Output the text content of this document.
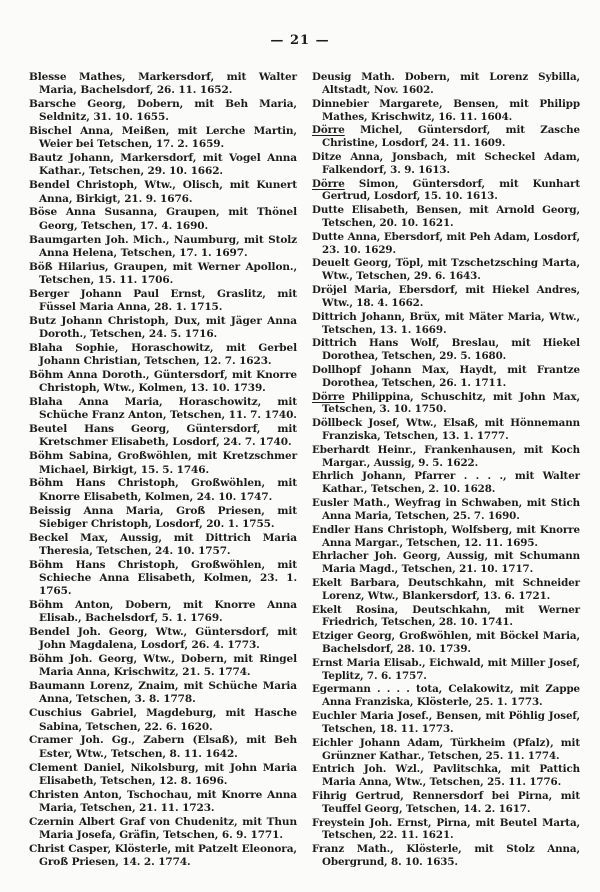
— 21 —

Blesse Mathes, Markersdorf, mit Walter Maria, Bachelsdorf, 26. 11. 1652.

Barsche Georg, Dobern, mit Beh Maria, Seldnitz, 31. 10. 1655.

Bischel Anna, Meißen, mit Lerche Martin, Weier bei Tetschen, 17. 2. 1659.

Bautz Johann, Markersdorf, mit Vogel Anna Kathar., Tetschen, 29. 10. 1662.

Bendel Christoph, Wtw., Olisch, mit Kunert Anna, Birkigt, 21. 9. 1676.

Böse Anna Susanna, Graupen, mit Thönel Georg, Tetschen, 17. 4. 1690.

Baumgarten Joh. Mich., Naumburg, mit Stolz Anna Helena, Tetschen, 17. 1. 1697.

Böß Hilarius, Graupen, mit Werner Apollon., Tetschen, 15. 11. 1706.

Berger Johann Paul Ernst, Graslitz, mit Füssel Maria Anna, 28. 1. 1715.

Butz Johann Christoph, Dux, mit Jäger Anna Doroth., Tetschen, 24. 5. 1716.

Blaha Sophie, Horaschowitz, mit Gerbel Johann Christian, Tetschen, 12. 7. 1623.

Böhm Anna Doroth., Güntersdorf, mit Knorre Christoph, Wtw., Kolmen, 13. 10. 1739.

Blaha Anna Maria, Horaschowitz, mit Schüche Franz Anton, Tetschen, 11. 7. 1740.

Beutel Hans Georg, Güntersdorf, mit Kretschmer Elisabeth, Losdorf, 24. 7. 1740.

Böhm Sabina, Großwöhlen, mit Kretzschmer Michael, Birkigt, 15. 5. 1746.

Böhm Hans Christoph, Großwöhlen, mit Knorre Elisabeth, Kolmen, 24. 10. 1747.

Beissig Anna Maria, Groß Priesen, mit Siebiger Christoph, Losdorf, 20. 1. 1755.

Beckel Max, Aussig, mit Dittrich Maria Theresia, Tetschen, 24. 10. 1757.

Böhm Hans Christoph, Großwöhlen, mit Schieche Anna Elisabeth, Kolmen, 23. 1. 1765.

Böhm Anton, Dobern, mit Knorre Anna Elisab., Bachelsdorf, 5. 1. 1769.

Bendel Joh. Georg, Wtw., Güntersdorf, mit John Magdalena, Losdorf, 26. 4. 1773.

Böhm Joh. Georg, Wtw., Dobern, mit Ringel Maria Anna, Krischwitz, 21. 5. 1774.

Baumann Lorenz, Znaim, mit Schüche Maria Anna, Tetschen, 3. 8. 1778.

Cuschius Gabriel, Magdeburg, mit Hasche Sabina, Tetschen, 22. 6. 1620.

Cramer Joh. Gg., Zabern (Elsaß), mit Beh Ester, Wtw., Tetschen, 8. 11. 1642.

Clement Daniel, Nikolsburg, mit John Maria Elisabeth, Tetschen, 12. 8. 1696.

Christen Anton, Tschochau, mit Knorre Anna Maria, Tetschen, 21. 11. 1723.

Czernin Albert Graf von Chudenitz, mit Thun Maria Josefa, Gräfin, Tetschen, 6. 9. 1771.

Christ Casper, Klösterle, mit Patzelt Eleonora, Groß Priesen, 14. 2. 1774.

Deusig Math. Dobern, mit Lorenz Sybilla, Altstadt, Nov. 1602.

Dinnebier Margarete, Bensen, mit Philipp Mathes, Krischwitz, 16. 11. 1604.

Dörre Michel, Güntersdorf, mit Zasche Christine, Losdorf, 24. 11. 1609.

Ditze Anna, Jonsbach, mit Scheckel Adam, Falkendorf, 3. 9. 1613.

Dörre Simon, Güntersdorf, mit Kunhart Gertrud, Losdorf, 15. 10. 1613.

Dutte Elisabeth, Bensen, mit Arnold Georg, Tetschen, 20. 10. 1621.

Dutte Anna, Ebersdorf, mit Peh Adam, Losdorf, 23. 10. 1629.

Deuelt Georg, Töpl, mit Tzschetzsching Marta, Wtw., Tetschen, 29. 6. 1643.

Dröjel Maria, Ebersdorf, mit Hiekel Andres, Wtw., 18. 4. 1662.

Dittrich Johann, Brüx, mit Mäter Maria, Wtw., Tetschen, 13. 1. 1669.

Dittrich Hans Wolf, Breslau, mit Hiekel Dorothea, Tetschen, 29. 5. 1680.

Dollhopf Johann Max, Haydt, mit Frantze Dorothea, Tetschen, 26. 1. 1711.

Dörre Philippina, Schuschitz, mit John Max, Tetschen, 3. 10. 1750.

Döllbeck Josef, Wtw., Elsaß, mit Hönnemann Franziska, Tetschen, 13. 1. 1777.

Eberhardt Heinr., Frankenhausen, mit Koch Margar., Aussig, 9. 5. 1622.

Ehrlich Johann, Pfarrer . . . ., mit Walter Kathar., Tetschen, 2. 10. 1628.

Eusler Math., Weyfrag in Schwaben, mit Stich Anna Maria, Tetschen, 25. 7. 1690.

Endler Hans Christoph, Wolfsberg, mit Knorre Anna Margar., Tetschen, 12. 11. 1695.

Ehrlacher Joh. Georg, Aussig, mit Schumann Maria Magd., Tetschen, 21. 10. 1717.

Ekelt Barbara, Deutschkahn, mit Schneider Lorenz, Wtw., Blankersdorf, 13. 6. 1721.

Ekelt Rosina, Deutschkahn, mit Werner Friedrich, Tetschen, 28. 10. 1741.

Etziger Georg, Großwöhlen, mit Böckel Maria, Bachelsdorf, 28. 10. 1739.

Ernst Maria Elisab., Eichwald, mit Miller Josef, Teplitz, 7. 6. 1757.

Egermann . . . . tota, Celakowitz, mit Zappe Anna Franziska, Klösterle, 25. 1. 1773.

Euchler Maria Josef., Bensen, mit Pöhlig Josef, Tetschen, 18. 11. 1773.

Eichler Johann Adam, Türkheim (Pfalz), mit Grünzner Kathar., Tetschen, 25. 11. 1774.

Entrich Joh. Wzl., Pavlitschka, mit Pattich Maria Anna, Wtw., Tetschen, 25. 11. 1776.

Fihrig Gertrud, Rennersdorf bei Pirna, mit Teuffel Georg, Tetschen, 14. 2. 1617.

Freystein Joh. Ernst, Pirna, mit Beutel Marta, Tetschen, 22. 11. 1621.

Franz Math., Klösterle, mit Stolz Anna, Obergrund, 8. 10. 1635.
